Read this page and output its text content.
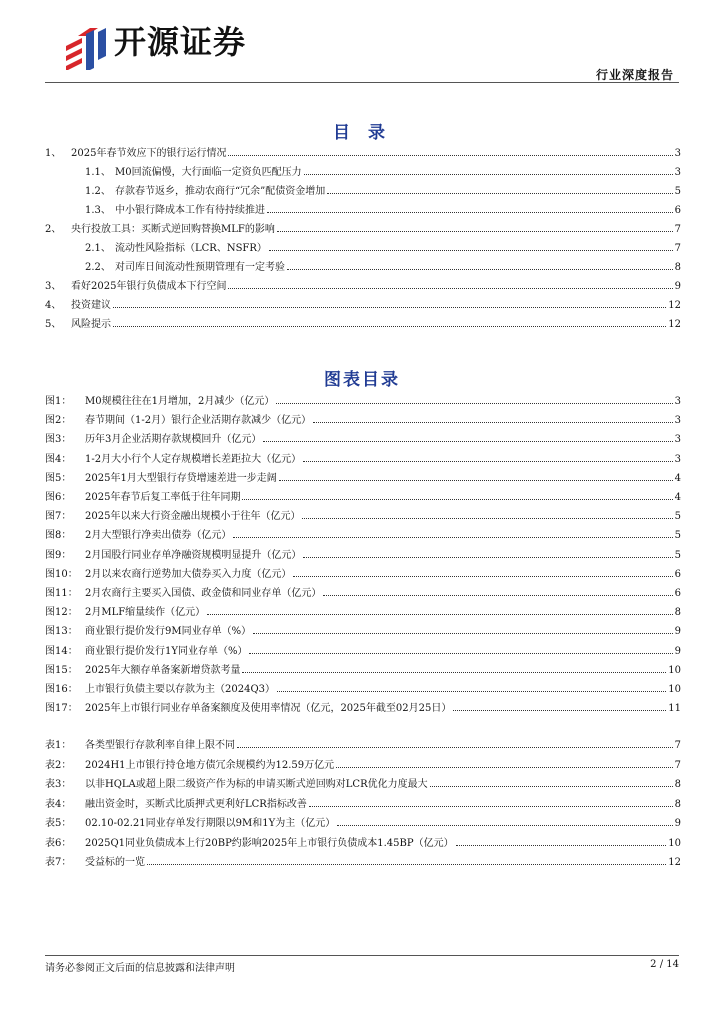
开源证券
行业深度报告
目 录
1、 2025年春节效应下的银行运行情况	3
1.1、 M0回流偏慢，大行面临一定资负匹配压力	3
1.2、 存款春节返乡，推动农商行“冗余”配债资金增加	5
1.3、 中小银行降成本工作有待持续推进	6
2、 央行投放工具：买断式逆回购替换MLF的影响	7
2.1、 流动性风险指标（LCR、NSFR）	7
2.2、 对司库日间流动性预期管理有一定考验	8
3、 看好2025年银行负债成本下行空间	9
4、 投资建议	12
5、 风险提示	12
图表目录
图1：	M0规模往往在1月增加，2月减少（亿元）	3
图2：	春节期间（1-2月）银行企业活期存款减少（亿元）	3
图3：	历年3月企业活期存款规模回升（亿元）	3
图4：	1-2月大小行个人定存规模增长差距拉大（亿元）	3
图5：	2025年1月大型银行存贷增速差进一步走阔	4
图6：	2025年春节后复工率低于往年同期	4
图7：	2025年以来大行资金融出规模小于往年（亿元）	5
图8：	2月大型银行净卖出债券（亿元）	5
图9：	2月国股行同业存单净融资规模明显提升（亿元）	5
图10： 2月以来农商行逆势加大债券买入力度（亿元）	6
图11： 2月农商行主要买入国债、政金债和同业存单（亿元）	6
图12： 2月MLF缩量续作（亿元）	8
图13： 商业银行提价发行9M同业存单（%）	9
图14： 商业银行提价发行1Y同业存单（%）	9
图15： 2025年大额存单备案新增贷款考量	10
图16： 上市银行负债主要以存款为主（2024Q3）	10
图17： 2025年上市银行同业存单备案额度及使用率情况（亿元，2025年截至02月25日）	11
表1：	各类型银行存款利率自律上限不同	7
表2：	2024H1上市银行持仓地方债冗余规模约为12.59万亿元	7
表3：	以非HQLA或超上限二级资产作为标的申请买断式逆回购对LCR优化力度最大	8
表4：	融出资金时，买断式比质押式更利好LCR指标改善	8
表5：	02.10-02.21同业存单发行期限以9M和1Y为主（亿元）	9
表6：	2025Q1同业负债成本上行20BP约影响2025年上市银行负债成本1.45BP（亿元）	10
表7：	受益标的一览	12
请务必参阅正文后面的信息披露和法律声明	2 / 14
